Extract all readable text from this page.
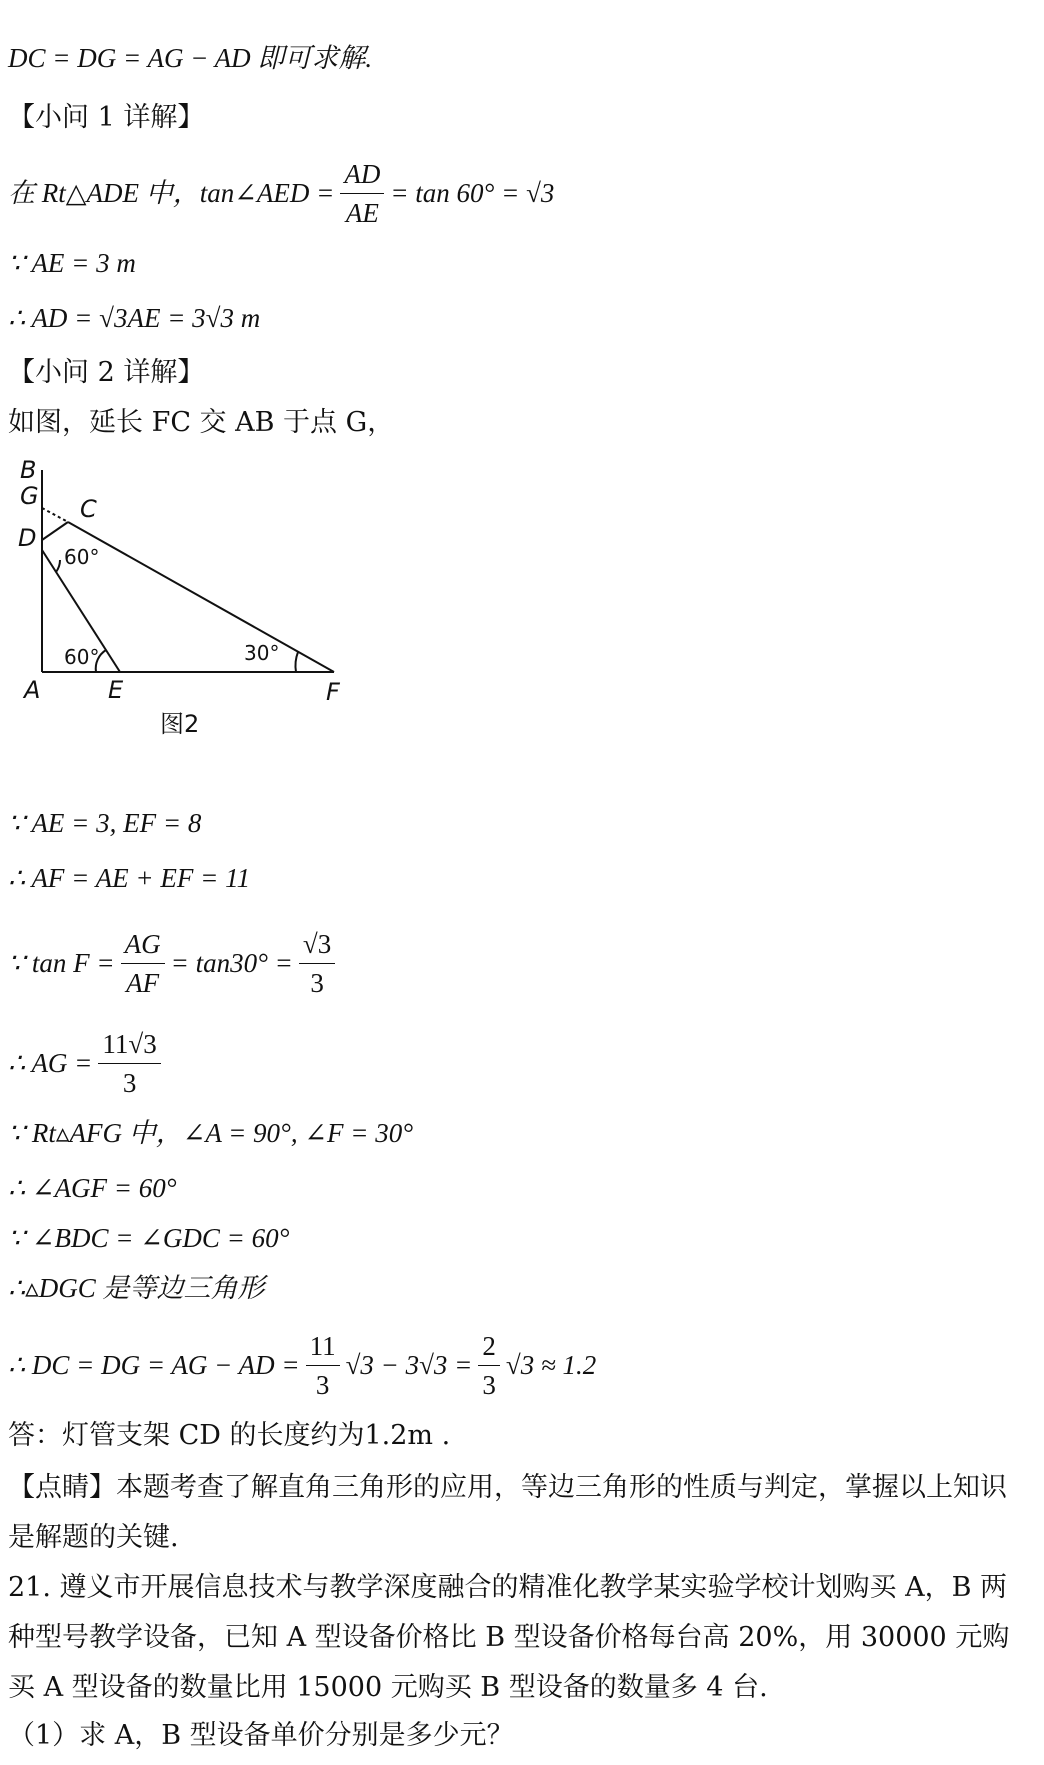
DC = DG = AG − AD 即可求解.
【小问 1 详解】
在 Rt△ADE 中，tan∠AED = $\frac{AD}{AE} = \tan 60^\circ = √3$
∵ AE = 3 m
∴ AD = √3AE = 3√3 m
【小问 2 详解】
如图，延长 FC 交 AB 于点 G，
B
G C
D
A	E	F
60°
60°	30°
图2
∵ AE = 3, EF = 8
∴ AF = AE + EF = 11
∵ $\tan F = \frac{AG}{AF} = \tan 30^\circ = \frac{√3}{3}$
∴ AG = $\frac{11√3}{3}$
∵ Rt▵AFG 中，∠A = 90°, ∠F = 30°
∴ ∠AGF = 60°
∵ ∠BDC = ∠GDC = 60°
∴▵DGC 是等边三角形
∴ DC = DG = AG − AD = $\frac{11}{3} √3 - 3√3 = \frac{2}{3} √3 \approx 1.2$
答：灯管支架 CD 的长度约为1.2m .
【点睛】本题考查了解直角三角形的应用，等边三角形的性质与判定，掌握以上知识是解题的关键.
21. 遵义市开展信息技术与教学深度融合的精准化教学某实验学校计划购买 A，B 两种型号教学设备，已知 A 型设备价格比 B 型设备价格每台高 20%，用 30000 元购买 A 型设备的数量比用 15000 元购买 B 型设备的数量多 4 台.
（1）求 A，B 型设备单价分别是多少元？
